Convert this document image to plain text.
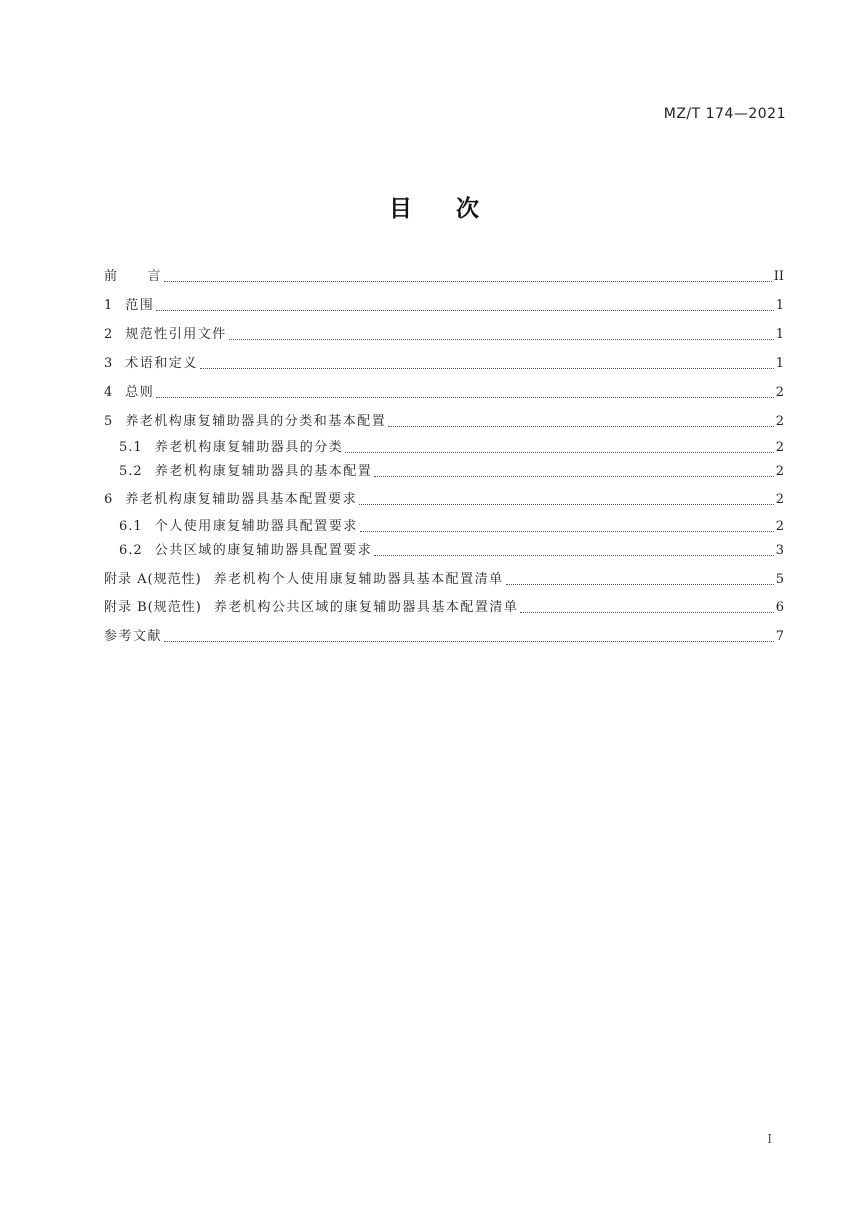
MZ/T 174—2021
目 次
前　　言	II
1 范围	1
2 规范性引用文件	1
3 术语和定义	1
4 总则	2
5 养老机构康复辅助器具的分类和基本配置	2
5.1 养老机构康复辅助器具的分类	2
5.2 养老机构康复辅助器具的基本配置	2
6 养老机构康复辅助器具基本配置要求	2
6.1 个人使用康复辅助器具配置要求	2
6.2 公共区域的康复辅助器具配置要求	3
附录 A(规范性) 养老机构个人使用康复辅助器具基本配置清单	5
附录 B(规范性) 养老机构公共区域的康复辅助器具基本配置清单	6
参考文献	7
I
